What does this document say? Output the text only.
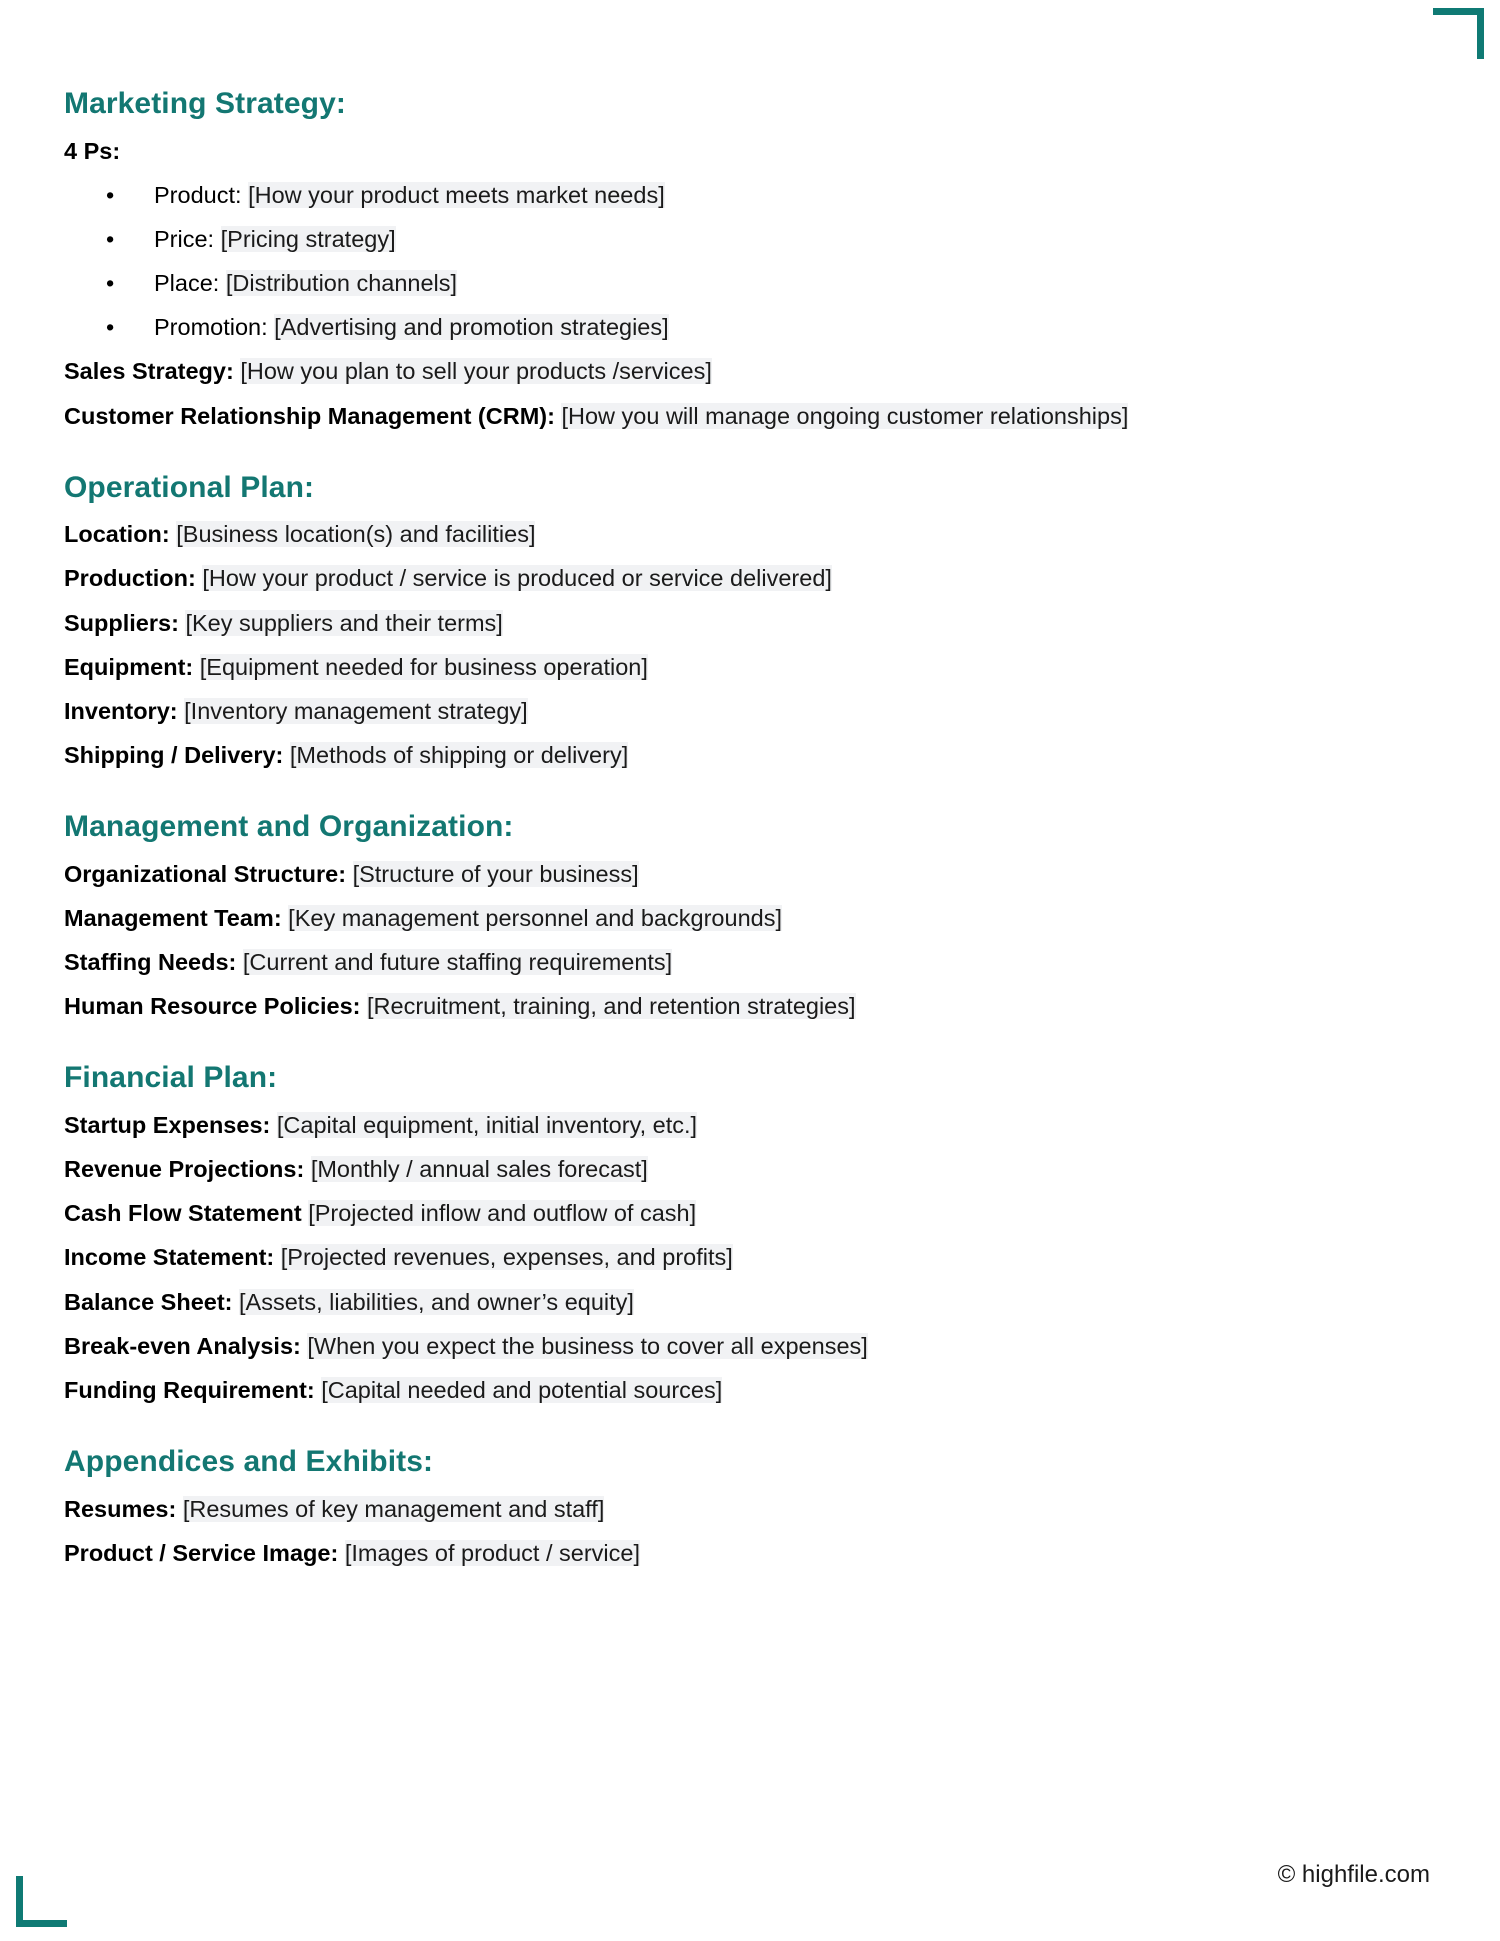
Marketing Strategy:

4 Ps:

• Product: [How your product meets market needs]
• Price: [Pricing strategy]
• Place: [Distribution channels]
• Promotion: [Advertising and promotion strategies]

Sales Strategy: [How you plan to sell your products /services]

Customer Relationship Management (CRM): [How you will manage ongoing customer relationships]

Operational Plan:

Location: [Business location(s) and facilities]

Production: [How your product / service is produced or service delivered]

Suppliers: [Key suppliers and their terms]

Equipment: [Equipment needed for business operation]

Inventory: [Inventory management strategy]

Shipping / Delivery: [Methods of shipping or delivery]

Management and Organization:

Organizational Structure: [Structure of your business]

Management Team: [Key management personnel and backgrounds]

Staffing Needs: [Current and future staffing requirements]

Human Resource Policies: [Recruitment, training, and retention strategies]

Financial Plan:

Startup Expenses: [Capital equipment, initial inventory, etc.]

Revenue Projections: [Monthly / annual sales forecast]

Cash Flow Statement [Projected inflow and outflow of cash]

Income Statement: [Projected revenues, expenses, and profits]

Balance Sheet: [Assets, liabilities, and owner’s equity]

Break-even Analysis: [When you expect the business to cover all expenses]

Funding Requirement: [Capital needed and potential sources]

Appendices and Exhibits:

Resumes: [Resumes of key management and staff]

Product / Service Image: [Images of product / service]

© highfile.com
